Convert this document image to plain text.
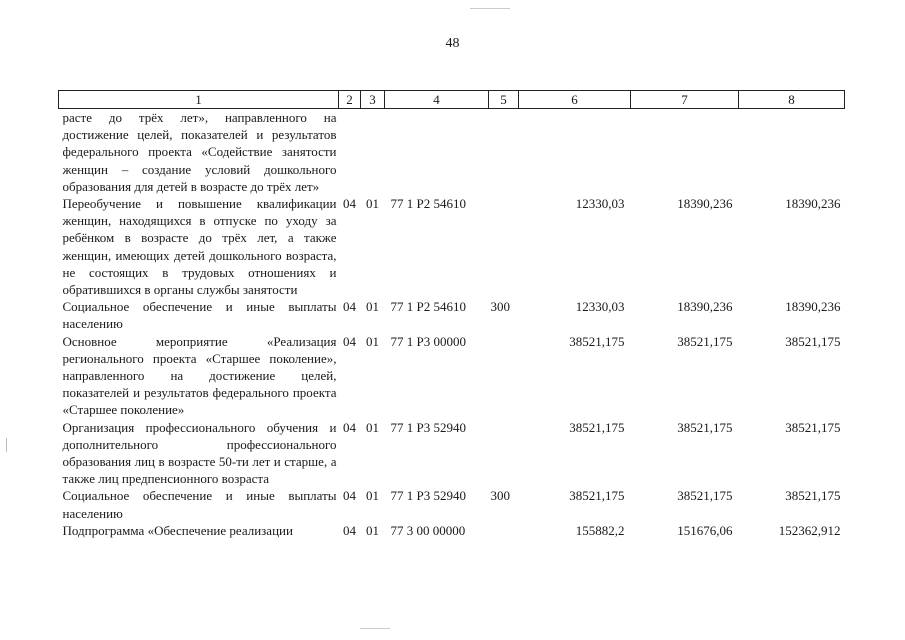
48
1	2	3	4	5	6	7	8
расте до трёх лет», направленного на достижение целей, показателей и результатов федерального проекта «Содействие занятости женщин – создание условий дошкольного образования для детей в возрасте до трёх лет»							
Переобучение и повышение квалификации женщин, находящихся в отпуске по уходу за ребёнком в возрасте до трёх лет, а также женщин, имеющих детей дошкольного возраста, не состоящих в трудовых отношениях и обратившихся в органы службы занятости	04	01	77 1 P2 54610		12330,03	18390,236	18390,236
Социальное обеспечение и иные выплаты населению	04	01	77 1 P2 54610	300	12330,03	18390,236	18390,236
Основное мероприятие «Реализация регионального проекта «Старшее поколение», направленного на достижение целей, показателей и результатов федерального проекта «Старшее поколение»	04	01	77 1 P3 00000		38521,175	38521,175	38521,175
Организация профессионального обучения и дополнительного профессионального образования лиц в возрасте 50-ти лет и старше, а также лиц предпенсионного возраста	04	01	77 1 P3 52940		38521,175	38521,175	38521,175
Социальное обеспечение и иные выплаты населению	04	01	77 1 P3 52940	300	38521,175	38521,175	38521,175
Подпрограмма «Обеспечение реализации	04	01	77 3 00 00000		155882,2	151676,06	152362,912
